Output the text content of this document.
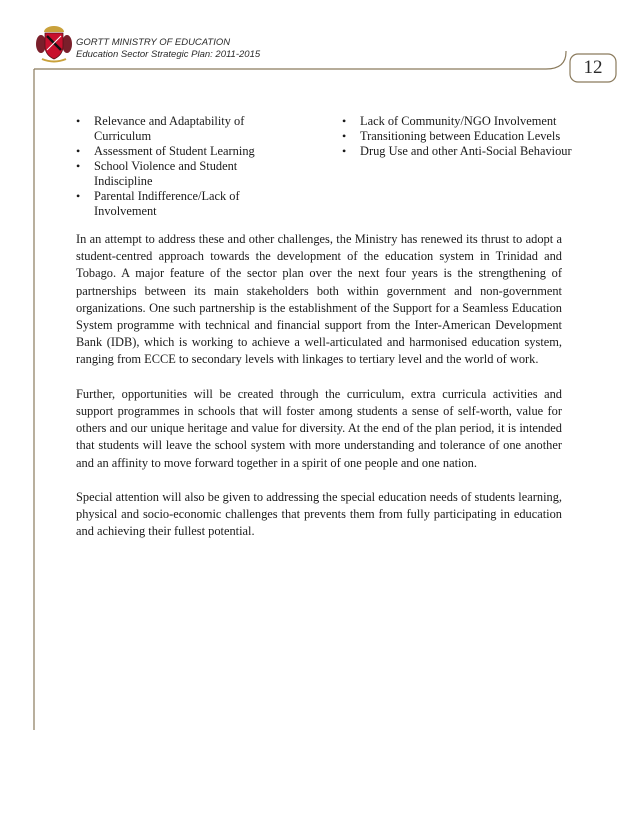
GORTT MINISTRY OF EDUCATION
Education Sector Strategic Plan: 2011-2015
12
• Relevance and Adaptability of Curriculum
• Assessment of Student Learning
• School Violence and Student Indiscipline
• Parental Indifference/Lack of Involvement
• Lack of Community/NGO Involvement
• Transitioning between Education Levels
• Drug Use and other Anti-Social Behaviour

In an attempt to address these and other challenges, the Ministry has renewed its thrust to adopt a student-centred approach towards the development of the education system in Trinidad and Tobago. A major feature of the sector plan over the next four years is the strengthening of partnerships between its main stakeholders both within government and non-government organizations. One such partnership is the establishment of the Support for a Seamless Education System programme with technical and financial support from the Inter-American Development Bank (IDB), which is working to achieve a well-articulated and harmonised education system, ranging from ECCE to secondary levels with linkages to tertiary level and the world of work.

Further, opportunities will be created through the curriculum, extra curricula activities and support programmes in schools that will foster among students a sense of self-worth, value for others and our unique heritage and value for diversity. At the end of the plan period, it is intended that students will leave the school system with more understanding and tolerance of one another and an affinity to move forward together in a spirit of one people and one nation.

Special attention will also be given to addressing the special education needs of students learning, physical and socio-economic challenges that prevents them from fully participating in education and achieving their fullest potential.
